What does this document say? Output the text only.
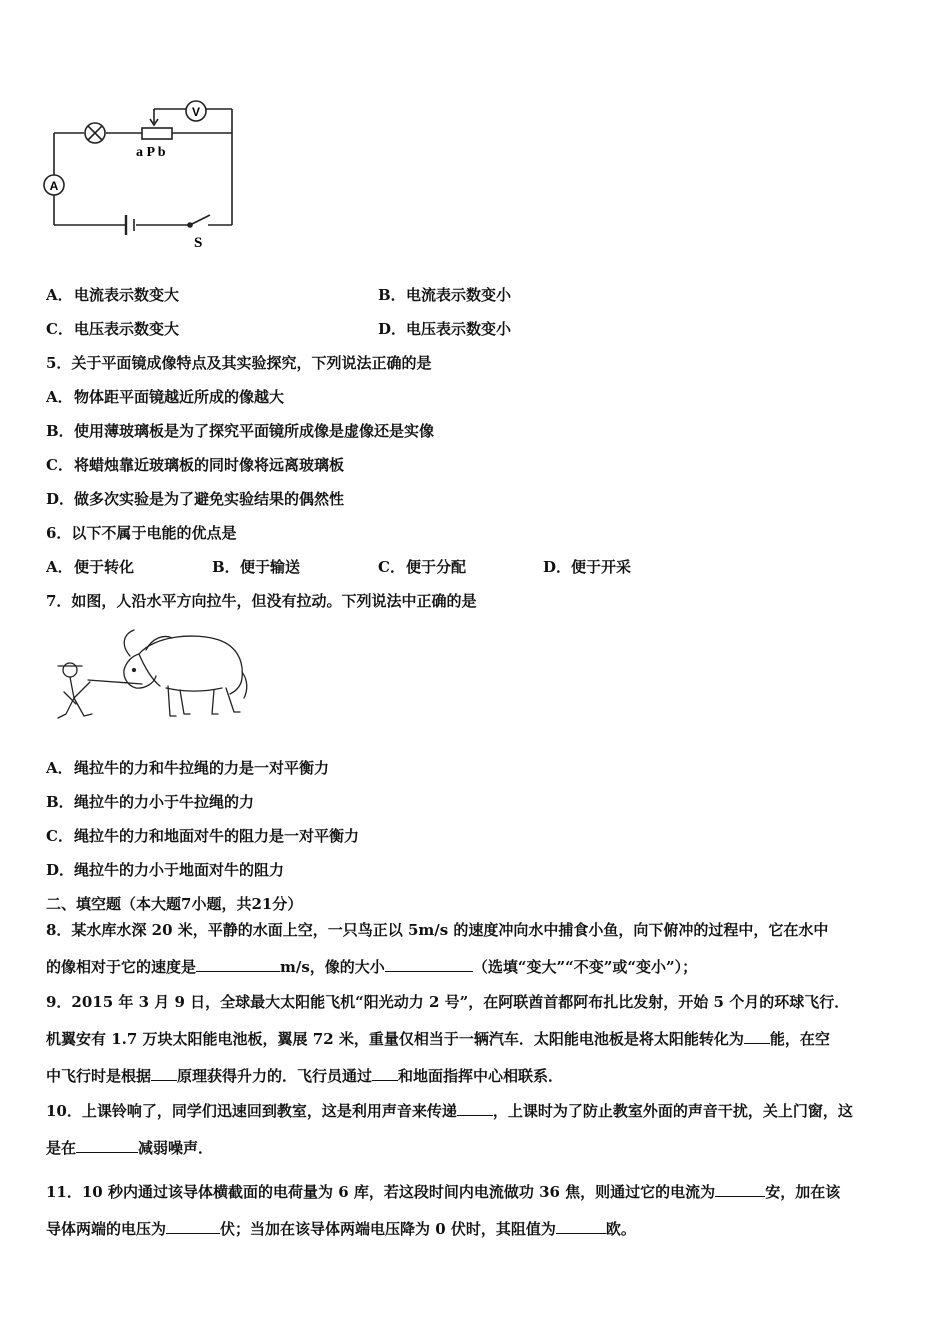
V
A
a P b
S
A．电流表示数变大	B．电流表示数变小
C．电压表示数变大	D．电压表示数变小
5．关于平面镜成像特点及其实验探究，下列说法正确的是
A．物体距平面镜越近所成的像越大
B．使用薄玻璃板是为了探究平面镜所成像是虚像还是实像
C．将蜡烛靠近玻璃板的同时像将远离玻璃板
D．做多次实验是为了避免实验结果的偶然性
6．以下不属于电能的优点是
A．便于转化	B．便于输送	C．便于分配	D．便于开采
7．如图，人沿水平方向拉牛，但没有拉动。下列说法中正确的是
A．绳拉牛的力和牛拉绳的力是一对平衡力
B．绳拉牛的力小于牛拉绳的力
C．绳拉牛的力和地面对牛的阻力是一对平衡力
D．绳拉牛的力小于地面对牛的阻力
二、填空题（本大题7小题，共21分）
8．某水库水深 20 米，平静的水面上空，一只鸟正以 5m/s 的速度冲向水中捕食小鱼，向下俯冲的过程中，它在水中
的像相对于它的速度是	m/s，像的大小	（选填“变大”“不变”或“变小”）；
9．2015 年 3 月 9 日，全球最大太阳能飞机“阳光动力 2 号”，在阿联酋首都阿布扎比发射，开始 5 个月的环球飞行．
机翼安有 1.7 万块太阳能电池板，翼展 72 米，重量仅相当于一辆汽车．太阳能电池板是将太阳能转化为 能，在空
中飞行时是根据 原理获得升力的．飞行员通过 和地面指挥中心相联系．
10．上课铃响了，同学们迅速回到教室，这是利用声音来传递 ，上课时为了防止教室外面的声音干扰，关上门窗，这
是在	减弱噪声．
11．10 秒内通过该导体横截面的电荷量为 6 库，若这段时间内电流做功 36 焦，则通过它的电流为	安，加在该
导体两端的电压为	伏；当加在该导体两端电压降为 0 伏时，其阻值为	欧。
